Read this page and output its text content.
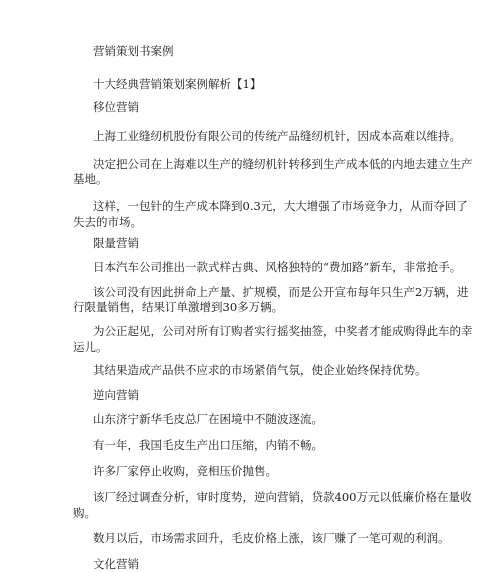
营销策划书案例
十大经典营销策划案例解析【1】
移位营销
上海工业缝纫机股份有限公司的传统产品缝纫机针，因成本高难以维持。
决定把公司在上海难以生产的缝纫机针转移到生产成本低的内地去建立生产
基地。
这样，一包针的生产成本降到0.3元，大大增强了市场竞争力，从而夺回了
失去的市场。
限量营销
日本汽车公司推出一款式样古典、风格独特的“费加路”新车，非常抢手。
该公司没有因此拼命上产量、扩规模，而是公开宣布每年只生产2万辆，进
行限量销售，结果订单激增到30多万辆。
为公正起见，公司对所有订购者实行摇奖抽签，中奖者才能成购得此车的幸
运儿。
其结果造成产品供不应求的市场紧俏气氛，使企业始终保持优势。
逆向营销
山东济宁新华毛皮总厂在困境中不随波逐流。
有一年，我国毛皮生产出口压缩，内销不畅。
许多厂家停止收购，竞相压价抛售。
该厂经过调查分析，审时度势，逆向营销，贷款400万元以低廉价格在量收
购。
数月以后，市场需求回升，毛皮价格上涨，该厂赚了一笔可观的利润。
文化营销
